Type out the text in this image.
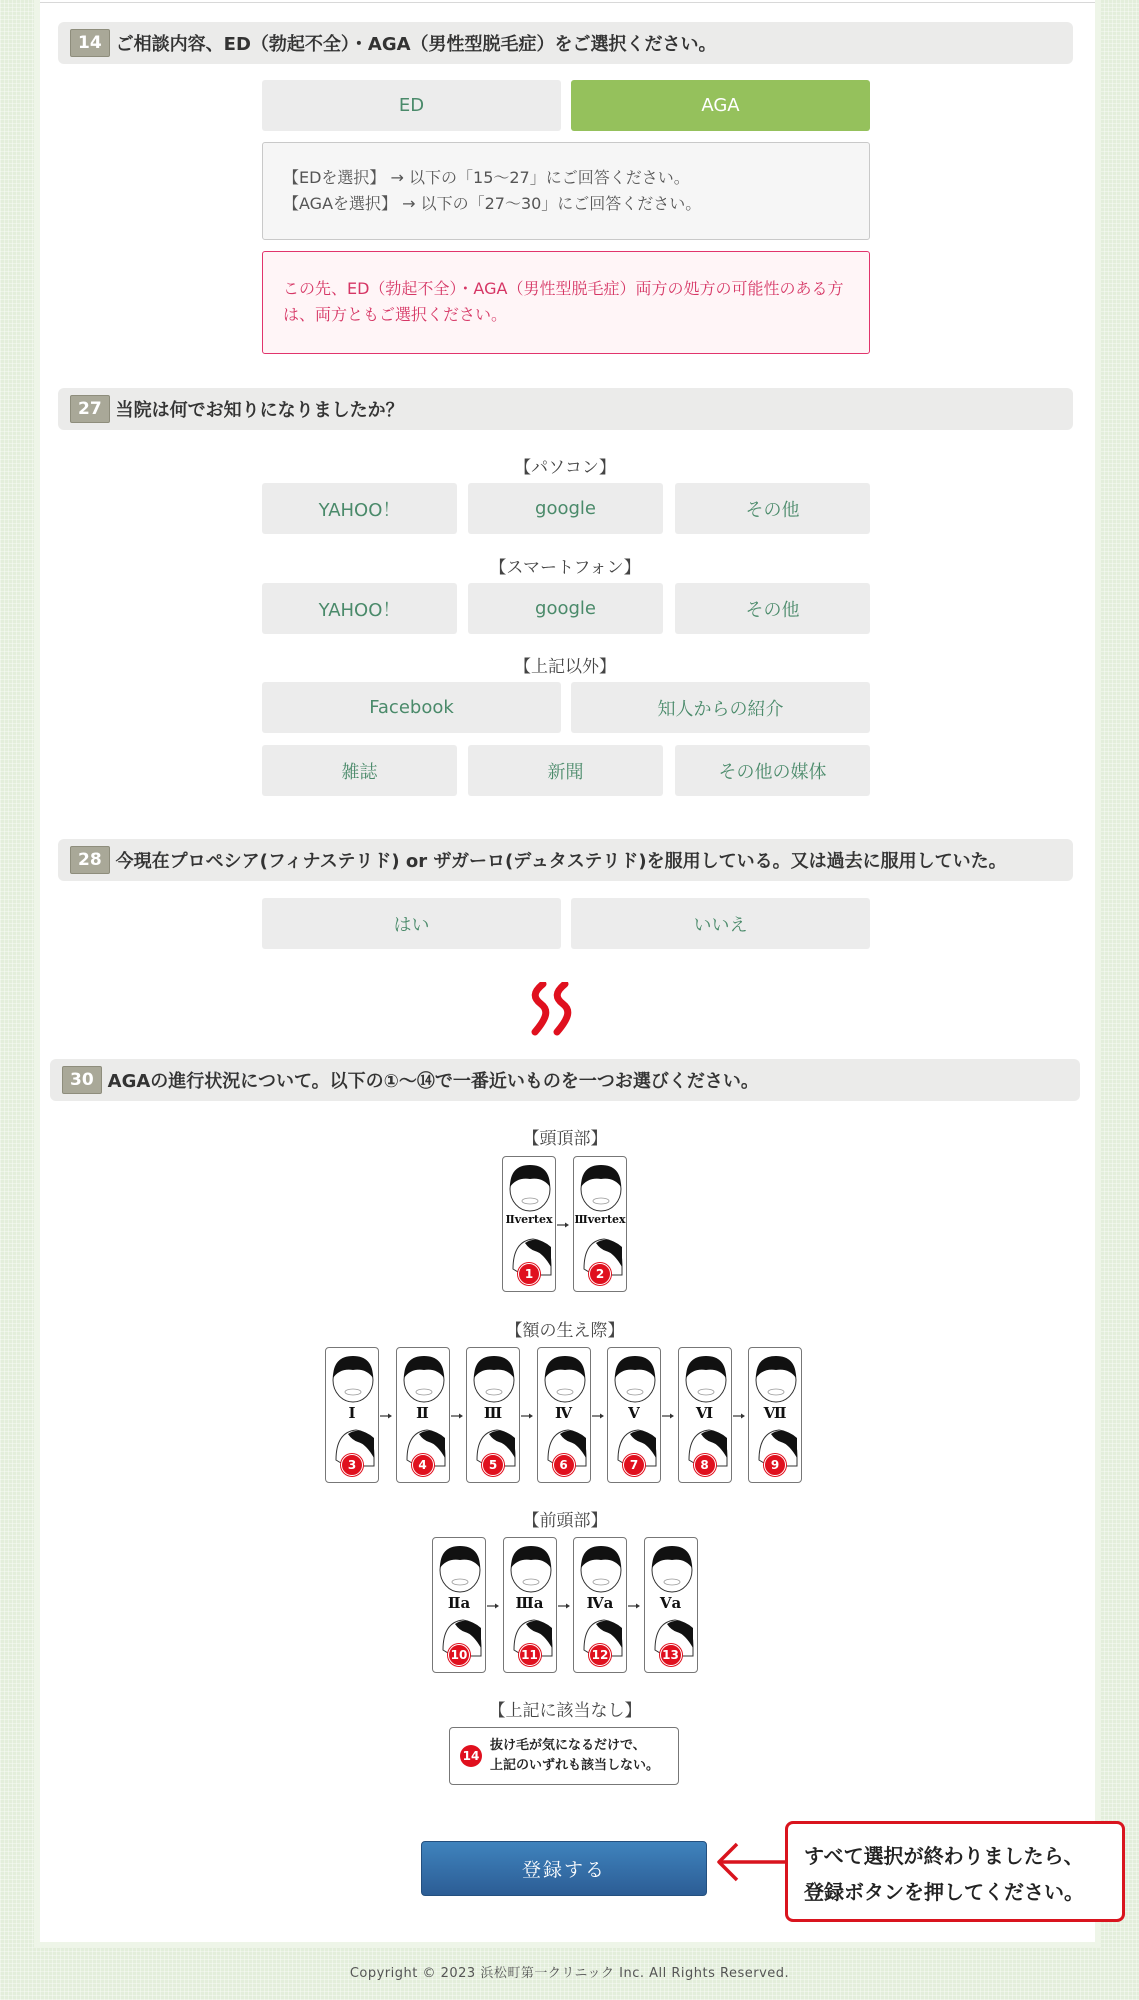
14 ご相談内容、ED（勃起不全）・AGA（男性型脱毛症）をご選択ください。
ED	AGA
【EDを選択】 → 以下の「15～27」にご回答ください。
【AGAを選択】 → 以下の「27～30」にご回答ください。
この先、ED（勃起不全）・AGA（男性型脱毛症）両方の処方の可能性のある方は、両方ともご選択ください。
27 当院は何でお知りになりましたか？
【パソコン】
YAHOO！	google	その他
【スマートフォン】
YAHOO！	google	その他
【上記以外】
Facebook	知人からの紹介
雑誌	新聞	その他の媒体
28 今現在プロペシア(フィナステリド) or ザガーロ(デュタステリド)を服用している。又は過去に服用していた。
はい	いいえ
30 AGAの進行状況について。以下の①～⑭で一番近いものを一つお選びください。
【頭頂部】
Ⅱvertex
1
Ⅲvertex
2
【額の生え際】
Ⅰ
3
Ⅱ
4
Ⅲ
5
Ⅳ
6
Ⅴ
7
Ⅵ
8
Ⅶ
9
【前頭部】
Ⅱa
10
Ⅲa
11
Ⅳa
12
Ⅴa
13
【上記に該当なし】
14
抜け毛が気になるだけで、
上記のいずれも該当しない。
登録する
すべて選択が終わりましたら、
登録ボタンを押してください。
Copyright © 2023 浜松町第一クリニック Inc. All Rights Reserved.
